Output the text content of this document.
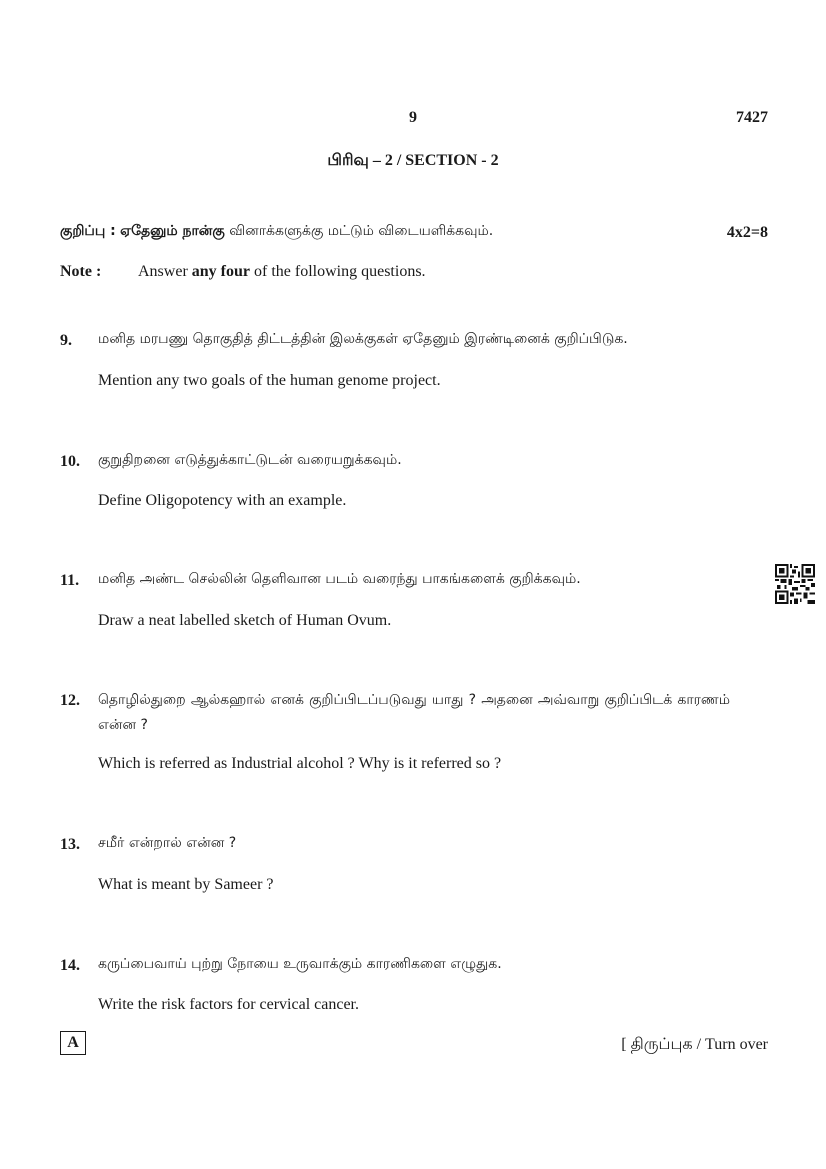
9	7427
பிரிவு – 2 / SECTION - 2
குறிப்பு : ஏதேனும் நான்கு வினாக்களுக்கு மட்டும் விடையளிக்கவும்.	4x2=8
Note : Answer any four of the following questions.
9. மனித மரபணு தொகுதித் திட்டத்தின் இலக்குகள் ஏதேனும் இரண்டினைக் குறிப்பிடுக.
Mention any two goals of the human genome project.
10. குறுதிறனை எடுத்துக்காட்டுடன் வரையறுக்கவும்.
Define Oligopotency with an example.
11. மனித அண்ட செல்லின் தெளிவான படம் வரைந்து பாகங்களைக் குறிக்கவும்.
Draw a neat labelled sketch of Human Ovum.
12. தொழில்துறை ஆல்கஹால் எனக் குறிப்பிடப்படுவது யாது ? அதனை அவ்வாறு குறிப்பிடக் காரணம் என்ன ?
Which is referred as Industrial alcohol ? Why is it referred so ?
13. சமீர் என்றால் என்ன ?
What is meant by Sameer ?
14. கருப்பைவாய் புற்று நோயை உருவாக்கும் காரணிகளை எழுதுக.
Write the risk factors for cervical cancer.
A	[ திருப்புக / Turn over
